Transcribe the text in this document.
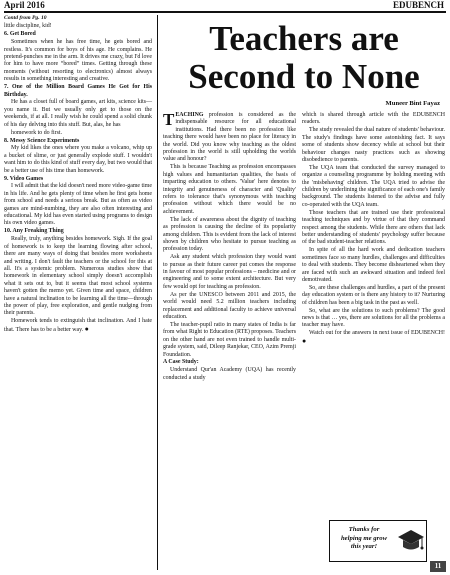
April 2016	EDUBENCH
Contd from Pg. 10

little discipline, kid!

6. Get Bored

Sometimes when he has free time, he gets bored and restless. It's common for boys of his age. He complains. He pretend-punches me in the arm. It drives me crazy, but I'd love for him to have more “bored” times. Getting through these moments (without resorting to electronics) almost always results in something interesting and creative.

7. One of the Million Board Games He Got for His Birthday.

He has a closet full of board games, art kits, science kits—you name it. But we usually only get to those on the weekends, if at all. I really wish he could spend a solid chunk of his day delving into this stuff. But, alas, he has

homework to do first.

8. Messy Science Experiments

My kid likes the ones where you make a volcano, whip up a bucket of slime, or just generally explode stuff. I wouldn't want him to do this kind of stuff every day, but two would that be a better use of his time than homework.

9. Video Games

I will admit that the kid doesn't need more video-game time in his life. And he gets plenty of time when he first gets home from school and needs a serious break. But as often as video games are mind-numbing, they are also often interesting and educational. My kid has even started using programs to design his own video games.

10. Any Freaking Thing

Really, truly, anything besides homework. Sigh. If the goal of homework is to keep the learning flowing after school, there are many ways of doing that besides more worksheets and writing. I don't fault the teachers or the school for this at all. It's a systemic problem. Numerous studies show that homework in elementary school simply doesn't accomplish what it sets out to, but it seems that most school systems haven't gotten the memo yet. Given time and space, children have a natural inclination to be learning all the time—through the power of play, free exploration, and gentle nudging from their parents.

Homework tends to extinguish that inclination. And I hate that. There has to be a better way. ●

Teachers are Second to None
Muneer Bint Fayaz

TEACHING profession is considered as the indispensable resource for all educational institutions. Had there been no profession like teaching there would have been no place for literacy in the world. Did you know why teaching as the oldest profession in the world is still upholding the worlds value and honour?

This is because Teaching as profession encompasses high values and humanitarian qualities, the basis of imparting education to others. 'Value' here denotes to integrity and genuineness of character and 'Quality' refers to tolerance that's synonymous with teaching profession without which there would be no achievement.

The lack of awareness about the dignity of teaching as profession is causing the decline of its popularity among children. This is evident from the lack of interest shown by children who hesitate to pursue teaching as profession today.

Ask any student which profession they would want to pursue as their future career put comes the response in favour of most popular professions – medicine and or engineering and to some extent architecture. But very few would opt for teaching as profession.

As per the UNESCO between 2011 and 2015, the world would need 5.2 million teachers including replacement and additional faculty to achieve universal education.

The teacher-pupil ratio in many states of India is far from what Right to Education (RTE) proposes. Teachers on the other hand are not even trained to handle multi-grade system, said, Dileep Ranjekar, CEO, Azim Premji Foundation.

A Case Study:

Understand Qur'an Academy (UQA) has recently conducted a study

which is shared through article with the EDUBENCH readers.

The study revealed the dual nature of students' behaviour. The study's findings have some astonishing fact. It says some of students show decency while at school but their behaviour changes nasty practices such as showing disobedience to parents.

The UQA team that conducted the survey managed to organize a counseling programme by holding meeting with the 'misbehaving' children. The UQA tried to advise the children by underlining the significance of each one's family background. The students listened to the advise and fully co-operated with the UQA team.

Those teachers that are trained use their professional teaching techniques and by virtue of that they command respect among the students. While there are others that lack better understanding of students' psychology suffer because of the bad student-teacher relations.

In spite of all the hard work and dedication teachers sometimes face so many hurdles, challenges and difficulties to deal with students. They become disheartened when they are faced with such an awkward situation and indeed feel demotivated.

So, are these challenges and hurdles, a part of the present day education system or is there any history to it? Nurturing of children has been a big task in the past as well.

So, what are the solutions to such problems? The good news is that … yes, there are solutions for all the problems a teacher may have.

Watch out for the answers in next issue of EDUBENCH! ●

Thanks for
helping me grow
this year!
11
